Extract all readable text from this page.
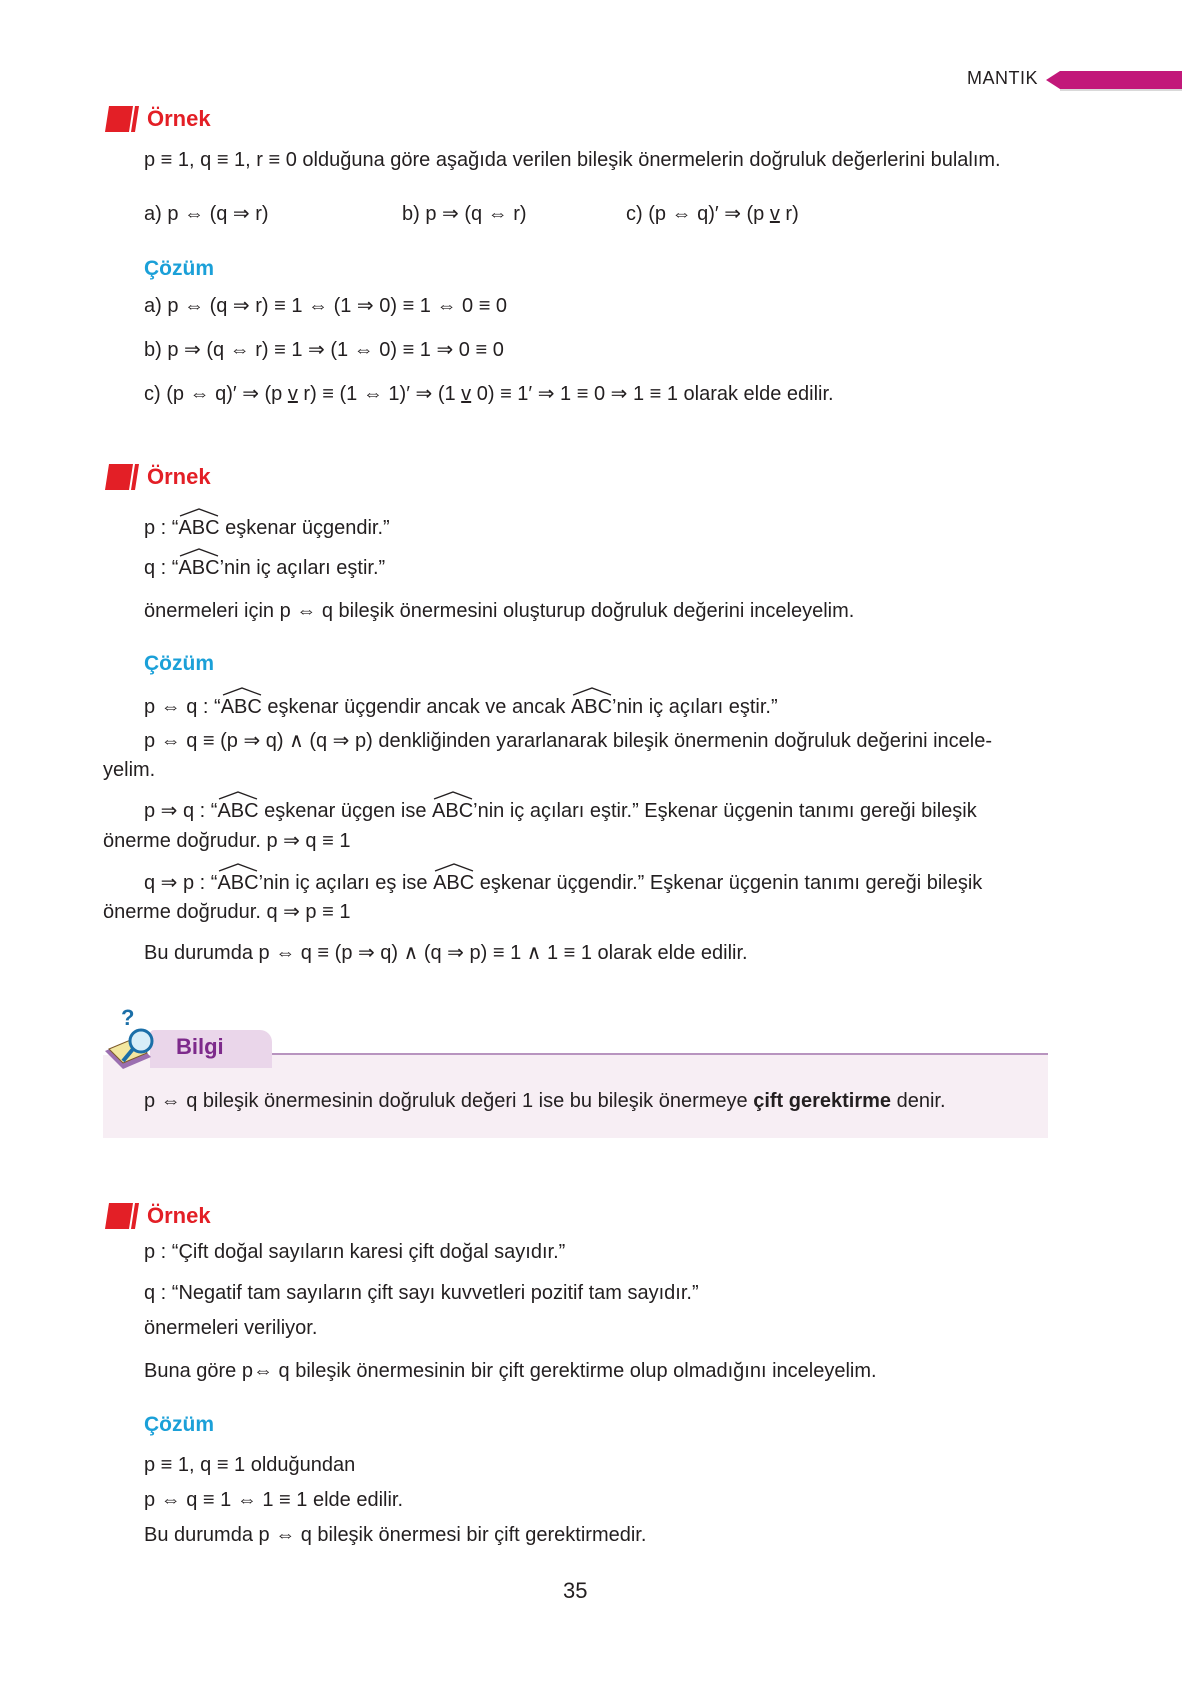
MANTIK
Örnek
p ≡ 1, q ≡ 1, r ≡ 0 olduğuna göre aşağıda verilen bileşik önermelerin doğruluk değerlerini bulalım.
a) p ⇔ (q ⇒ r)	b) p ⇒ (q ⇔ r)	c) (p ⇔ q)′ ⇒ (p v r)
Çözüm
a) p ⇔ (q ⇒ r) ≡ 1 ⇔ (1 ⇒ 0) ≡ 1 ⇔ 0 ≡ 0
b) p ⇒ (q ⇔ r) ≡ 1 ⇒ (1 ⇔ 0) ≡ 1 ⇒ 0 ≡ 0
c) (p ⇔ q)′ ⇒ (p v r) ≡ (1 ⇔ 1)′ ⇒ (1 v 0) ≡ 1′ ⇒ 1 ≡ 0 ⇒ 1 ≡ 1 olarak elde edilir.
Örnek
p : “
ABC eşkenar üçgendir.”
q : “
ABC’nin iç açıları eştir.”
önermeleri için p ⇔ q bileşik önermesini oluşturup doğruluk değerini inceleyelim.
Çözüm
p ⇔ q : “
ABC eşkenar üçgendir ancak ve ancak
ABC’nin iç açıları eştir.”
p ⇔ q ≡ (p ⇒ q) ∧ (q ⇒ p) denkliğinden yararlanarak bileşik önermenin doğruluk değerini incele-
yelim.
p ⇒ q : “
ABC eşkenar üçgen ise
ABC’nin iç açıları eştir.” Eşkenar üçgenin tanımı gereği bileşik
önerme doğrudur. p ⇒ q ≡ 1
q ⇒ p : “
ABC’nin iç açıları eş ise
ABC eşkenar üçgendir.” Eşkenar üçgenin tanımı gereği bileşik
önerme doğrudur. q ⇒ p ≡ 1
Bu durumda p ⇔ q ≡ (p ⇒ q) ∧ (q ⇒ p) ≡ 1 ∧ 1 ≡ 1 olarak elde edilir.
?
Bilgi
p ⇔ q bileşik önermesinin doğruluk değeri 1 ise bu bileşik önermeye çift gerektirme denir.
Örnek
p : “Çift doğal sayıların karesi çift doğal sayıdır.”
q : “Negatif tam sayıların çift sayı kuvvetleri pozitif tam sayıdır.”
önermeleri veriliyor.
Buna göre p⇔ q bileşik önermesinin bir çift gerektirme olup olmadığını inceleyelim.
Çözüm
p ≡ 1, q ≡ 1 olduğundan
p ⇔ q ≡ 1 ⇔ 1 ≡ 1 elde edilir.
Bu durumda p ⇔ q bileşik önermesi bir çift gerektirmedir.
35
